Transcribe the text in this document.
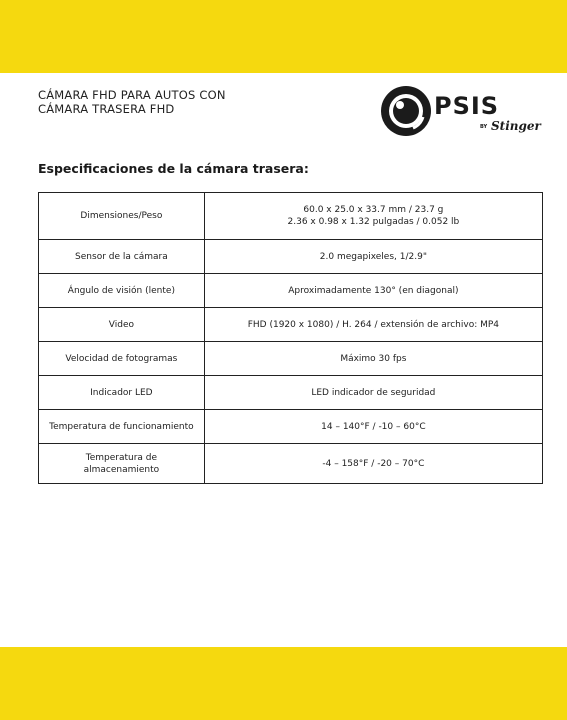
CÁMARA FHD PARA AUTOS CON
CÁMARA TRASERA FHD	PSIS
BY Stinger
Especificaciones de la cámara trasera:
Dimensiones/Peso	60.0 x 25.0 x 33.7 mm / 23.7 g
2.36 x 0.98 x 1.32 pulgadas / 0.052 lb

Sensor de la cámara	2.0 megapixeles, 1/2.9"
Ángulo de visión (lente)	Aproximadamente 130° (en diagonal)
Video	FHD (1920 x 1080) / H. 264 / extensión de archivo: MP4
Velocidad de fotogramas	Máximo 30 fps
Indicador LED	LED indicador de seguridad
Temperatura de funcionamiento	14 – 140°F / -10 – 60°C

Temperatura de
almacenamiento	-4 – 158°F / -20 – 70°C
